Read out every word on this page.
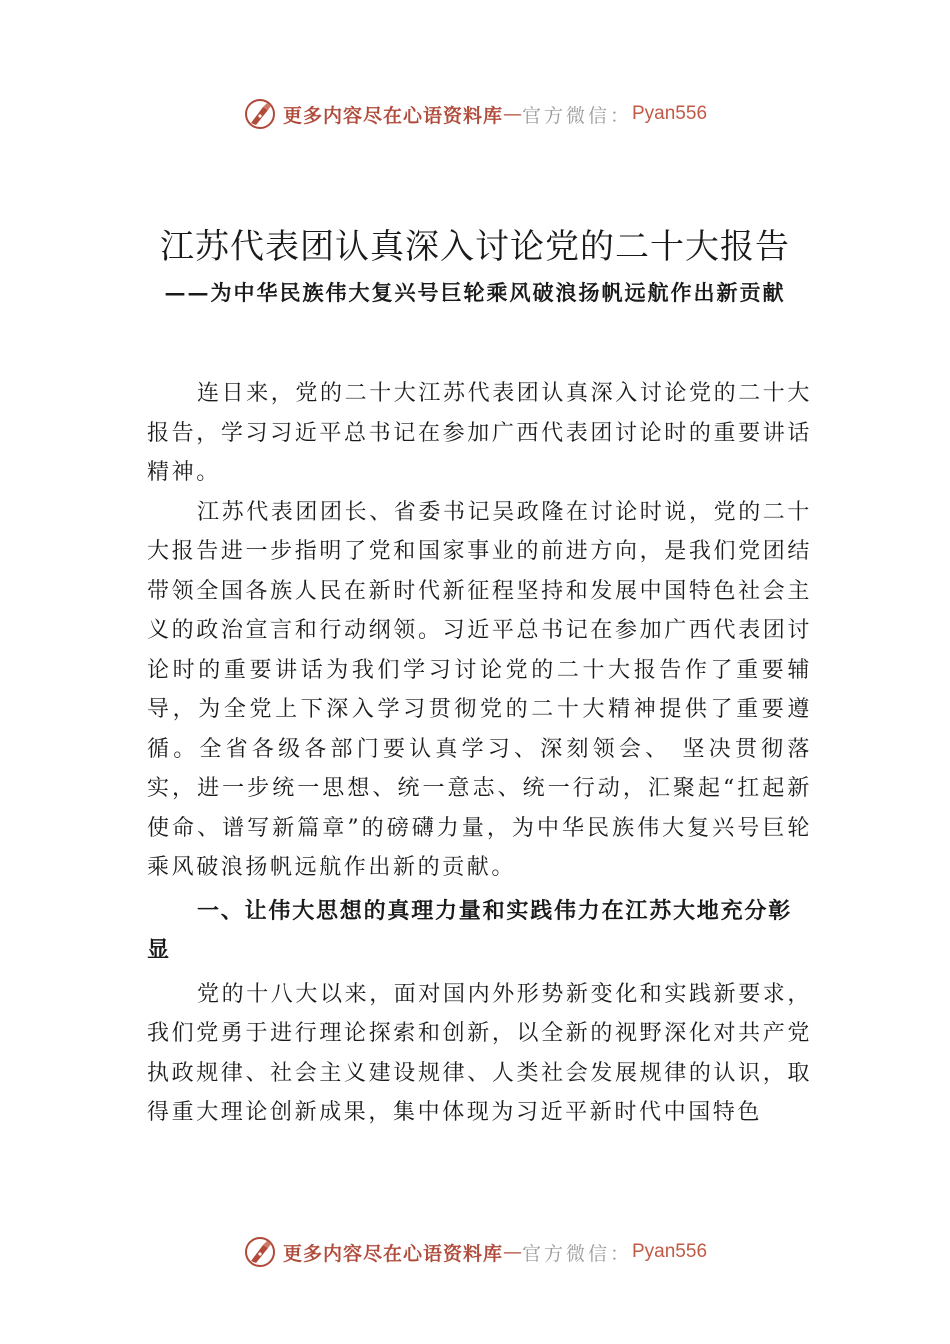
更多内容尽在心语资料库 — 官方微信： Pyan556
江苏代表团认真深入讨论党的二十大报告
——为中华民族伟大复兴号巨轮乘风破浪扬帆远航作出新贡献

连日来，党的二十大江苏代表团认真深入讨论党的二十大报告，学习习近平总书记在参加广西代表团讨论时的重要讲话精神。

江苏代表团团长、省委书记吴政隆在讨论时说，党的二十大报告进一步指明了党和国家事业的前进方向，是我们党团结带领全国各族人民在新时代新征程坚持和发展中国特色社会主义的政治宣言和行动纲领。习近平总书记在参加广西代表团讨论时的重要讲话为我们学习讨论党的二十大报告作了重要辅导，为全党上下深入学习贯彻党的二十大精神提供了重要遵循。全省各级各部门要认真学习、深刻领会、 坚决贯彻落实，进一步统一思想、统一意志、统一行动，汇聚起“扛起新使命、谱写新篇章”的磅礴力量，为中华民族伟大复兴号巨轮乘风破浪扬帆远航作出新的贡献。

一、让伟大思想的真理力量和实践伟力在江苏大地充分彰显

党的十八大以来，面对国内外形势新变化和实践新要求，我们党勇于进行理论探索和创新，以全新的视野深化对共产党执政规律、社会主义建设规律、人类社会发展规律的认识，取得重大理论创新成果，集中体现为习近平新时代中国特色

更多内容尽在心语资料库 — 官方微信： Pyan556
